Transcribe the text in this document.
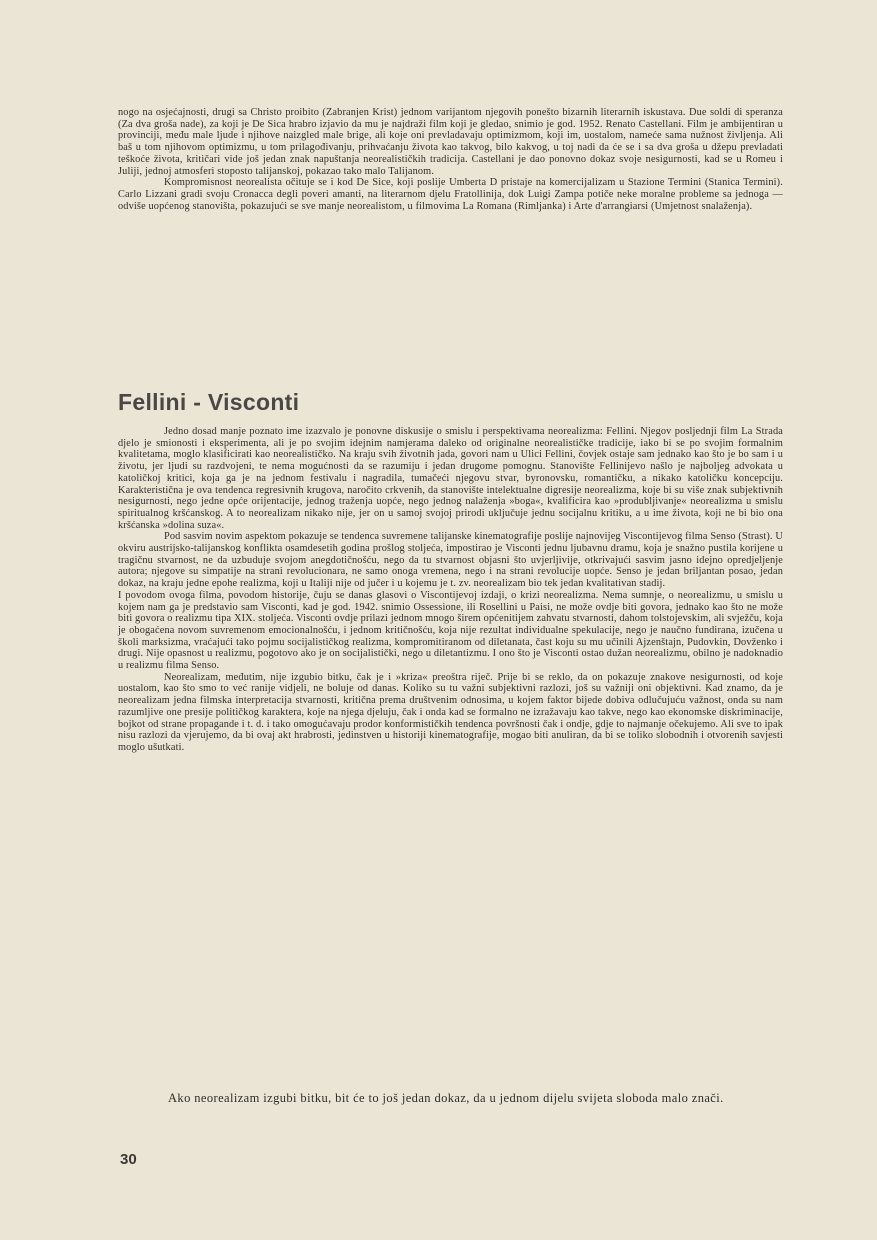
nogo na osjećajnosti, drugi sa Christo proibito (Zabranjen Krist) jednom varijantom njegovih ponešto bizarnih literarnih iskustava. Due soldi di speranza (Za dva groša nade), za koji je De Sica hrabro izjavio da mu je najdraži film koji je gledao, snimio je god. 1952. Renato Castellani. Film je ambijentiran u provinciji, među male ljude i njihove naizgled male brige, ali koje oni prevladavaju optimizmom, koji im, uostalom, nameće sama nužnost življenja. Ali baš u tom njihovom optimizmu, u tom prilagođivanju, prihvaćanju života kao takvog, bilo kakvog, u toj nadi da će se i sa dva groša u džepu prevladati teškoće života, kritičari vide još jedan znak napuštanja neorealističkih tradicija. Castellani je dao ponovno dokaz svoje nesigurnosti, kad se u Romeu i Juliji, jednoj atmosferi stoposto talijanskoj, pokazao tako malo Talijanom.

Kompromisnost neorealista očituje se i kod De Sice, koji poslije Umberta D pristaje na komercijalizam u Stazione Termini (Stanica Termini). Carlo Lizzani gradi svoju Cronacca degli poveri amanti, na literarnom djelu Fratollinija, dok Luigi Zampa potiče neke moralne probleme sa jednoga — odviše uopćenog stanovišta, pokazujući se sve manje neorealistom, u filmovima La Romana (Rimljanka) i Arte d'arrangiarsi (Umjetnost snalaženja).

Fellini - Visconti

Jedno dosad manje poznato ime izazvalo je ponovne diskusije o smislu i perspektivama neorealizma: Fellini. Njegov posljednji film La Strada djelo je smionosti i eksperimenta, ali je po svojim idejnim namjerama daleko od originalne neorealističke tradicije, iako bi se po svojim formalnim kvalitetama, moglo klasificirati kao neorealističko. Na kraju svih životnih jada, govori nam u Ulici Fellini, čovjek ostaje sam jednako kao što je bo sam i u životu, jer ljudi su razdvojeni, te nema mogućnosti da se razumiju i jedan drugome pomognu. Stanovište Fellinijevo našlo je najboljeg advokata u katoličkoj kritici, koja ga je na jednom festivalu i nagradila, tumačeći njegovu stvar, byronovsku, romantičku, a nikako katoličku koncepciju. Karakteristična je ova tendenca regresivnih krugova, naročito crkvenih, da stanovište intelektualne digresije neorealizma, koje bi su više znak subjektivnih nesigurnosti, nego jedne opće orijentacije, jednog traženja uopće, nego jednog nalaženja »boga«, kvalificira kao »produbljivanje« neorealizma u smislu spiritualnog kršćanskog. A to neorealizam nikako nije, jer on u samoj svojoj prirodi uključuje jednu socijalnu kritiku, a u ime života, koji ne bi bio ona kršćanska »dolina suza«.

Pod sasvim novim aspektom pokazuje se tendenca suvremene talijanske kinematografije poslije najnovijeg Viscontijevog filma Senso (Strast). U okviru austrijsko-talijanskog konflikta osamdesetih godina prošlog stoljeća, impostirao je Visconti jednu ljubavnu dramu, koja je snažno pustila korijene u tragičnu stvarnost, ne da uzbuduje svojom anegdotičnošću, nego da tu stvarnost objasni što uvjerljivije, otkrivajući sasvim jasno idejno opredjeljenje autora; njegove su simpatije na strani revolucionara, ne samo onoga vremena, nego i na strani revolucije uopće. Senso je jedan briljantan posao, jedan dokaz, na kraju jedne epohe realizma, koji u Italiji nije od jučer i u kojemu je t. zv. neorealizam bio tek jedan kvalitativan stadij.

I povodom ovoga filma, povodom historije, čuju se danas glasovi o Viscontijevoj izdaji, o krizi neorealizma. Nema sumnje, o neorealizmu, u smislu u kojem nam ga je predstavio sam Visconti, kad je god. 1942. snimio Ossessione, ili Rosellini u Paisi, ne može ovdje biti govora, jednako kao što ne može biti govora o realizmu tipa XIX. stoljeća. Visconti ovdje prilazi jednom mnogo širem općenitijem zahvatu stvarnosti, dahom tolstojevskim, ali svježču, koja je obogaćena novom suvremenom emocionalnošću, i jednom kritičnošću, koja nije rezultat individualne spekulacije, nego je naučno fundirana, izučena u školi marksizma, vraćajući tako pojmu socijalističkog realizma, kompromitiranom od diletanata, čast koju su mu učinili Ajzenštajn, Pudovkin, Dovženko i drugi. Nije opasnost u realizmu, pogotovo ako je on socijalistički, nego u diletantizmu. I ono što je Visconti ostao dužan neorealizmu, obilno je nadoknadio u realizmu filma Senso.

Neorealizam, međutim, nije izgubio bitku, čak je i »kriza« preoštra riječ. Prije bi se reklo, da on pokazuje znakove nesigurnosti, od koje uostalom, kao što smo to već ranije vidjeli, ne boluje od danas. Koliko su tu važni subjektivni razlozi, još su važniji oni objektivni. Kad znamo, da je neorealizam jedna filmska interpretacija stvarnosti, kritična prema društvenim odnosima, u kojem faktor bijede dobiva odlučujuću važnost, onda su nam razumljive one presije političkog karaktera, koje na njega djeluju, čak i onda kad se formalno ne izražavaju kao takve, nego kao ekonomske diskriminacije, bojkot od strane propagande i t. d. i tako omogućavaju prodor konformističkih tendenca površnosti čak i ondje, gdje to najmanje očekujemo. Ali sve to ipak nisu razlozi da vjerujemo, da bi ovaj akt hrabrosti, jedinstven u historiji kinematografije, mogao biti anuliran, da bi se toliko slobodnih i otvorenih savjesti moglo ušutkati.

Ako neorealizam izgubi bitku, bit će to još jedan dokaz, da u jednom dijelu svijeta sloboda malo znači.

30
